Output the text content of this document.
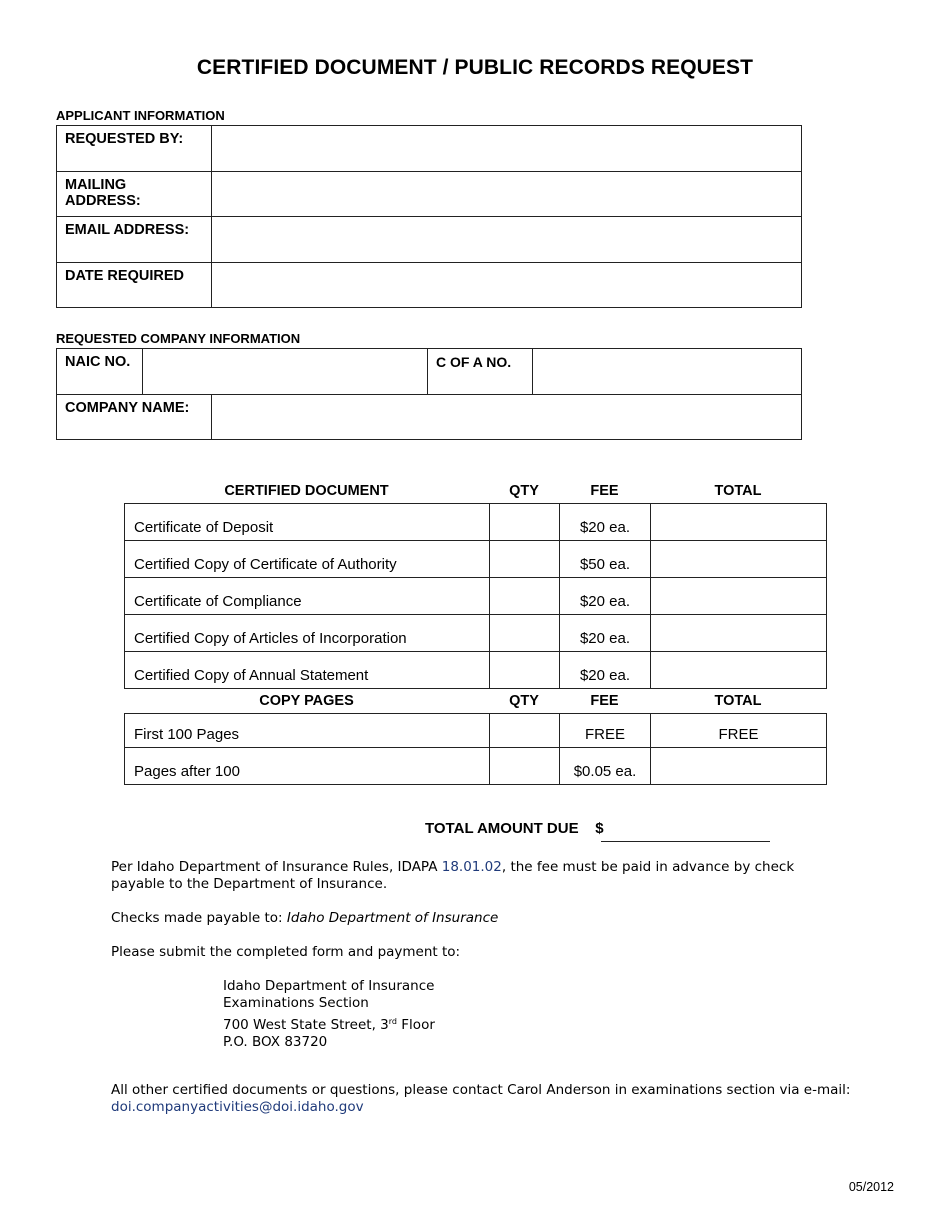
CERTIFIED DOCUMENT / PUBLIC RECORDS REQUEST
APPLICANT INFORMATION
REQUESTED BY:	
MAILING ADDRESS:	
EMAIL ADDRESS:	
DATE REQUIRED	
REQUESTED COMPANY INFORMATION
NAIC NO.			C OF A NO.	
COMPANY NAME:	
CERTIFIED DOCUMENT	QTY	FEE	TOTAL
Certificate of Deposit		$20 ea.	
Certified Copy of Certificate of Authority		$50 ea.	
Certificate of Compliance		$20 ea.	
Certified Copy of Articles of Incorporation		$20 ea.	
Certified Copy of Annual Statement		$20 ea.	
COPY PAGES	QTY	FEE	TOTAL
First 100 Pages		FREE	FREE
Pages after 100		$0.05 ea.	
TOTAL AMOUNT DUE $
Per Idaho Department of Insurance Rules, IDAPA 18.01.02, the fee must be paid in advance by check payable to the Department of Insurance.
Checks made payable to: Idaho Department of Insurance
Please submit the completed form and payment to:
Idaho Department of Insurance
Examinations Section
700 West State Street, 3rd Floor
P.O. BOX 83720
All other certified documents or questions, please contact Carol Anderson in examinations section via e-mail:
doi.companyactivities@doi.idaho.gov
05/2012
